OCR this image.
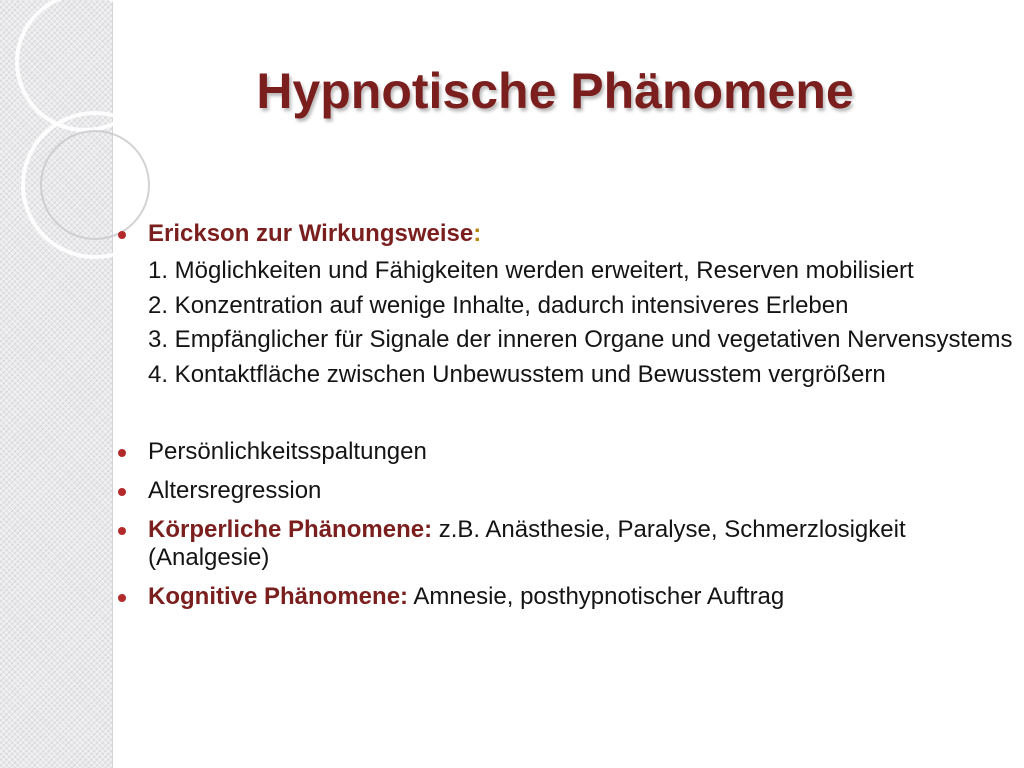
Hypnotische Phänomene
Erickson zur Wirkungsweise:
1. Möglichkeiten und Fähigkeiten werden erweitert, Reserven mobilisiert
2. Konzentration auf wenige Inhalte, dadurch intensiveres Erleben
3. Empfänglicher für Signale der inneren Organe und vegetativen Nervensystems
4. Kontaktfläche zwischen Unbewusstem und Bewusstem vergrößern
Persönlichkeitsspaltungen
Altersregression
Körperliche Phänomene: z.B. Anästhesie, Paralyse, Schmerzlosigkeit (Analgesie)
Kognitive Phänomene: Amnesie, posthypnotischer Auftrag
